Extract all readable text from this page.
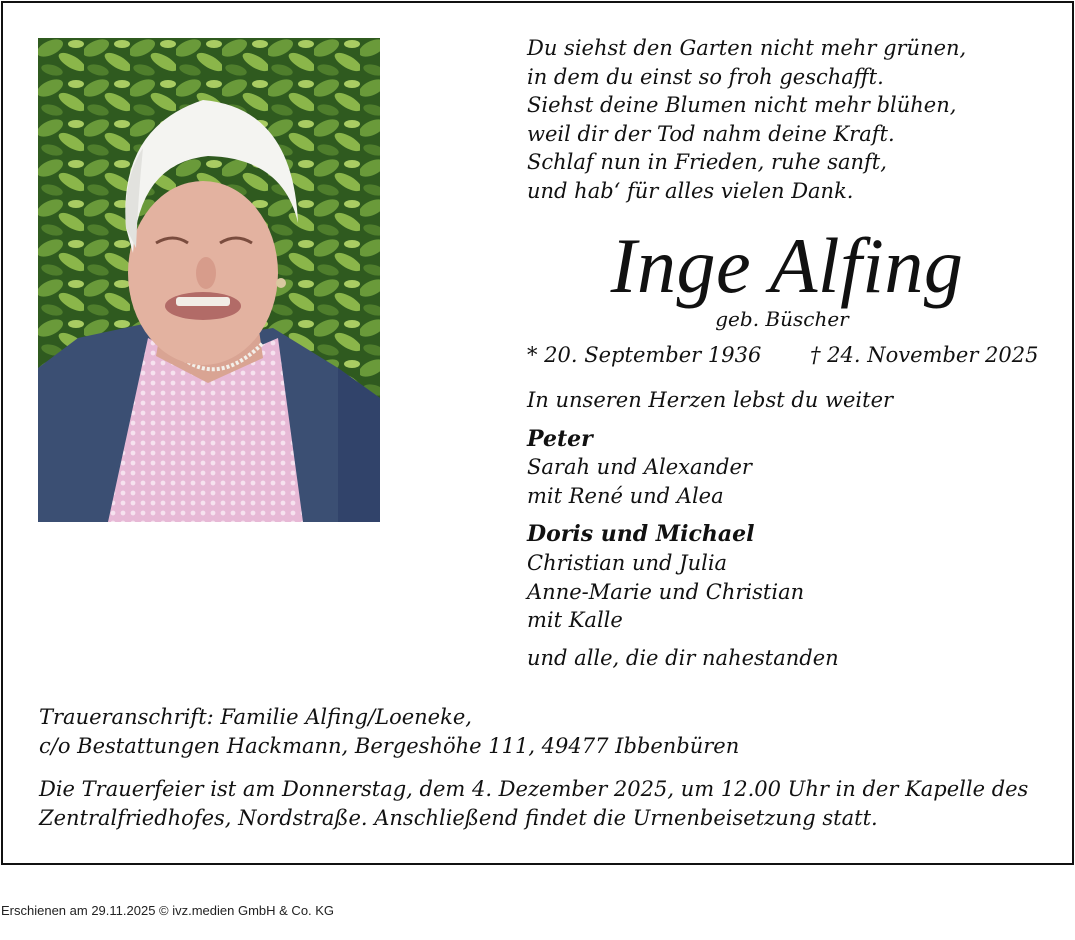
Du siehst den Garten nicht mehr grünen,
in dem du einst so froh geschafft.
Siehst deine Blumen nicht mehr blühen,
weil dir der Tod nahm deine Kraft.
Schlaf nun in Frieden, ruhe sanft,
und hab‘ für alles vielen Dank.
Inge Alfing
geb. Büscher
* 20. September 1936 † 24. November 2025
In unseren Herzen lebst du weiter
Peter
Sarah und Alexander
mit René und Alea
Doris und Michael
Christian und Julia
Anne-Marie und Christian
mit Kalle
und alle, die dir nahestanden
Traueranschrift: Familie Alfing/Loeneke,
c/o Bestattungen Hackmann, Bergeshöhe 111, 49477 Ibbenbüren
Die Trauerfeier ist am Donnerstag, dem 4. Dezember 2025, um 12.00 Uhr in der Kapelle des
Zentralfriedhofes, Nordstraße. Anschließend findet die Urnenbeisetzung statt.
Erschienen am 29.11.2025 © ivz.medien GmbH & Co. KG
